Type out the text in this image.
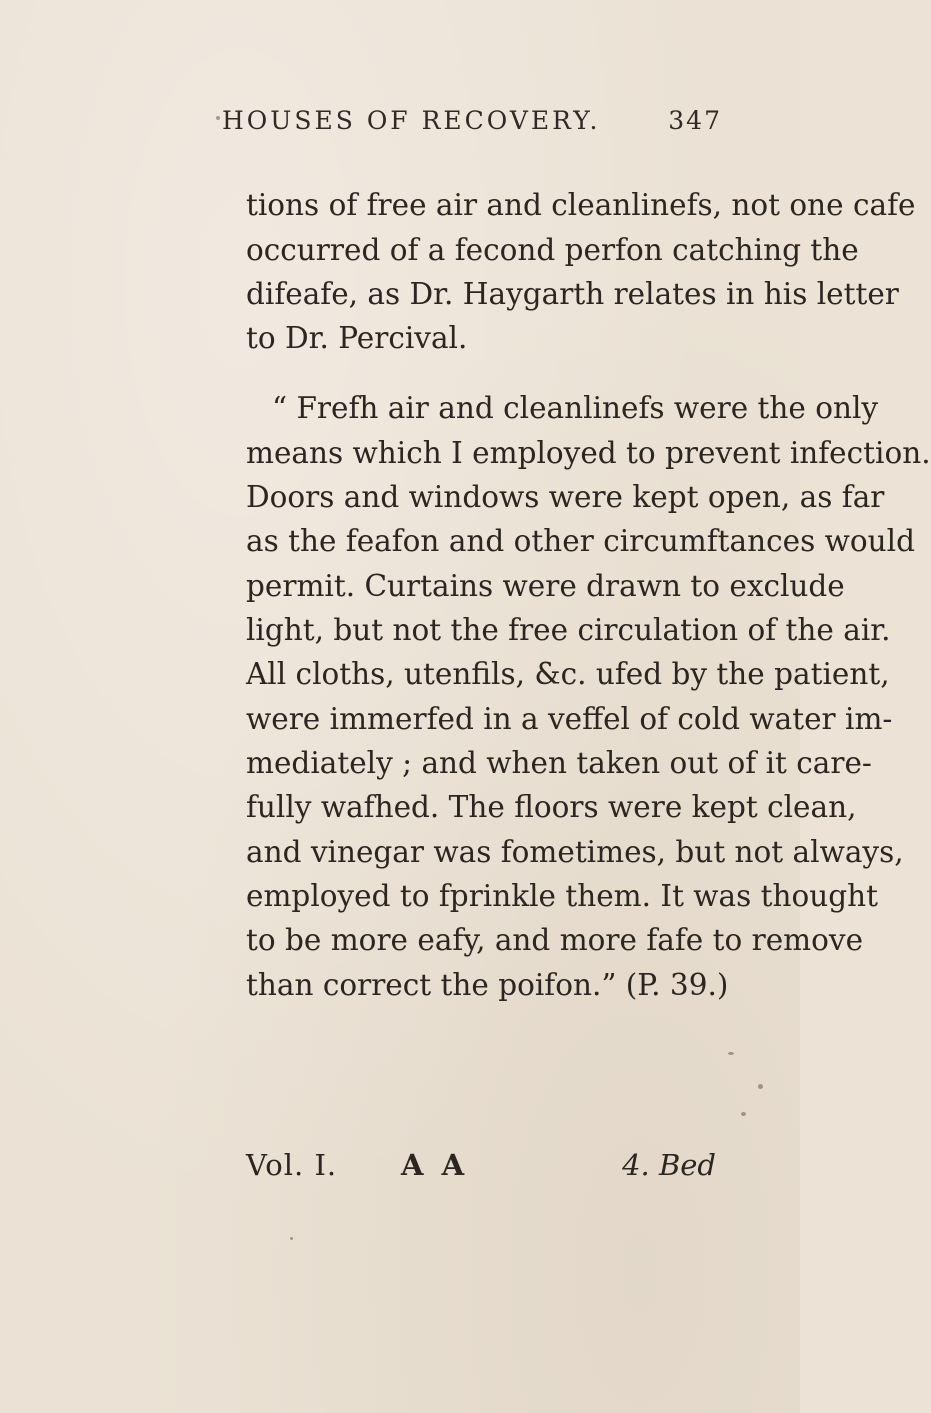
HOUSES OF RECOVERY.	347
tions of free air and cleanlinefs, not one cafe
occurred of a fecond perfon catching the
difeafe, as Dr. Haygarth relates in his letter
to Dr. Percival.
“ Frefh air and cleanlinefs were the only
means which I employed to prevent infection.
Doors and windows were kept open, as far
as the feafon and other circumftances would
permit. Curtains were drawn to exclude
light, but not the free circulation of the air.
All cloths, utenfils, &c. ufed by the patient,
were immerfed in a veffel of cold water im-
mediately ; and when taken out of it care-
fully wafhed. The floors were kept clean,
and vinegar was fometimes, but not always,
employed to fprinkle them. It was thought
to be more eafy, and more fafe to remove
than correct the poifon.” (P. 39.)
Vol. I. A A	4. Bed
